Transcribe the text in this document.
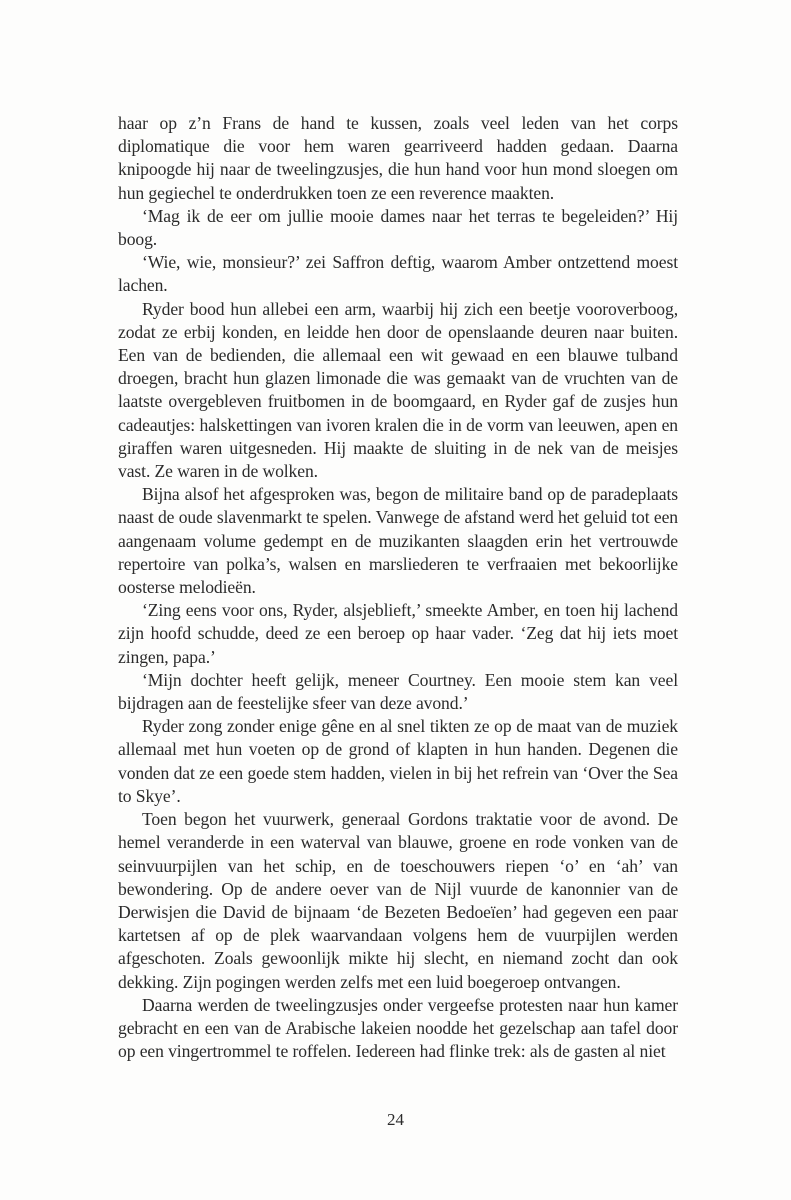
haar op z’n Frans de hand te kussen, zoals veel leden van het corps diplomatique die voor hem waren gearriveerd hadden gedaan. Daarna knipoogde hij naar de tweelingzusjes, die hun hand voor hun mond sloegen om hun gegiechel te onderdrukken toen ze een reverence maakten.

‘Mag ik de eer om jullie mooie dames naar het terras te begeleiden?’ Hij boog.

‘Wie, wie, monsieur?’ zei Saffron deftig, waarom Amber ontzettend moest lachen.

Ryder bood hun allebei een arm, waarbij hij zich een beetje vooroverboog, zodat ze erbij konden, en leidde hen door de openslaande deuren naar buiten. Een van de bedienden, die allemaal een wit gewaad en een blauwe tulband droegen, bracht hun glazen limonade die was gemaakt van de vruchten van de laatste overgebleven fruitbomen in de boomgaard, en Ryder gaf de zusjes hun cadeautjes: halskettingen van ivoren kralen die in de vorm van leeuwen, apen en giraffen waren uitgesneden. Hij maakte de sluiting in de nek van de meisjes vast. Ze waren in de wolken.

Bijna alsof het afgesproken was, begon de militaire band op de paradeplaats naast de oude slavenmarkt te spelen. Vanwege de afstand werd het geluid tot een aangenaam volume gedempt en de muzikanten slaagden erin het vertrouwde repertoire van polka’s, walsen en marsliederen te verfraaien met bekoorlijke oosterse melodieën.

‘Zing eens voor ons, Ryder, alsjeblieft,’ smeekte Amber, en toen hij lachend zijn hoofd schudde, deed ze een beroep op haar vader. ‘Zeg dat hij iets moet zingen, papa.’

‘Mijn dochter heeft gelijk, meneer Courtney. Een mooie stem kan veel bijdragen aan de feestelijke sfeer van deze avond.’

Ryder zong zonder enige gêne en al snel tikten ze op de maat van de muziek allemaal met hun voeten op de grond of klapten in hun handen. Degenen die vonden dat ze een goede stem hadden, vielen in bij het refrein van ‘Over the Sea to Skye’.

Toen begon het vuurwerk, generaal Gordons traktatie voor de avond. De hemel veranderde in een waterval van blauwe, groene en rode vonken van de seinvuurpijlen van het schip, en de toeschouwers riepen ‘o’ en ‘ah’ van bewondering. Op de andere oever van de Nijl vuurde de kanonnier van de Derwisjen die David de bijnaam ‘de Bezeten Bedoeïen’ had gegeven een paar kartetsen af op de plek waarvandaan volgens hem de vuurpijlen werden afgeschoten. Zoals gewoonlijk mikte hij slecht, en niemand zocht dan ook dekking. Zijn pogingen werden zelfs met een luid boegeroep ontvangen.

Daarna werden de tweelingzusjes onder vergeefse protesten naar hun kamer gebracht en een van de Arabische lakeien noodde het gezelschap aan tafel door op een vingertrommel te roffelen. Iedereen had flinke trek: als de gasten al niet

24
